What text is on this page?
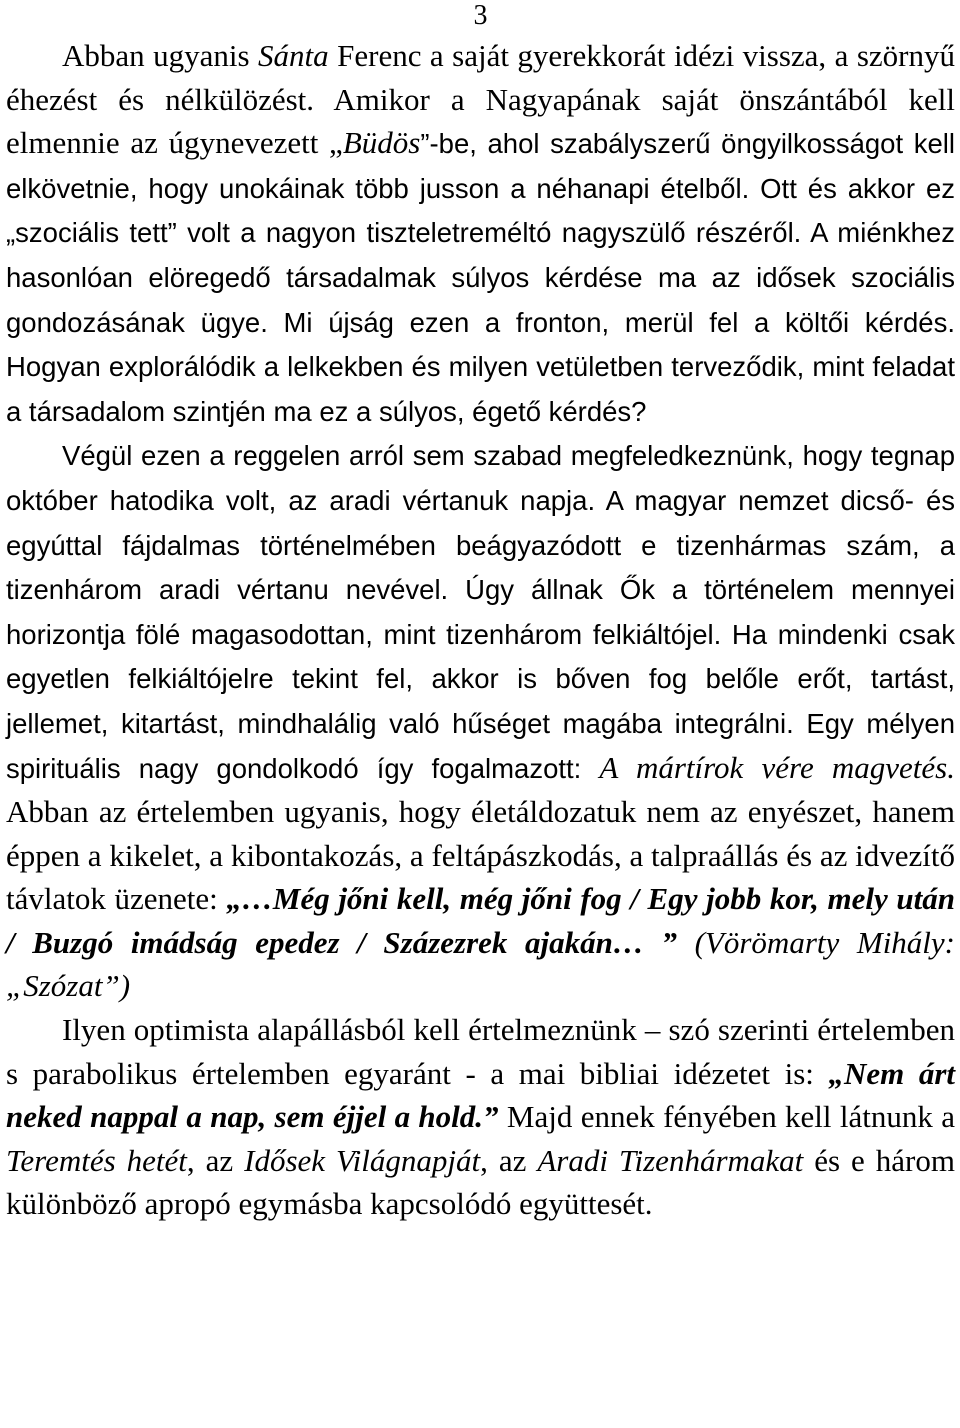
3

Abban ugyanis Sánta Ferenc a saját gyerekkorát idézi vissza, a szörnyű éhezést és nélkülözést. Amikor a Nagyapának saját önszántából kell elmennie az úgynevezett „Büdös”-be, ahol szabályszerű öngyilkosságot kell elkövetnie, hogy unokáinak több jusson a néhanapi ételből. Ott és akkor ez „szociális tett” volt a nagyon tiszteletreméltó nagyszülő részéről. A miénkhez hasonlóan elöregedő társadalmak súlyos kérdése ma az idősek szociális gondozásának ügye. Mi újság ezen a fronton, merül fel a költői kérdés. Hogyan explorálódik a lelkekben és milyen vetületben terveződik, mint feladat a társadalom szintjén ma ez a súlyos, égető kérdés?

Végül ezen a reggelen arról sem szabad megfeledkeznünk, hogy tegnap október hatodika volt, az aradi vértanuk napja. A magyar nemzet dicső- és egyúttal fájdalmas történelmében beágyazódott e tizenhármas szám, a tizenhárom aradi vértanu nevével. Úgy állnak Ők a történelem mennyei horizontja fölé magasodottan, mint tizenhárom felkiáltójel. Ha mindenki csak egyetlen felkiáltójelre tekint fel, akkor is bőven fog belőle erőt, tartást, jellemet, kitartást, mindhalálig való hűséget magába integrálni. Egy mélyen spirituális nagy gondolkodó így fogalmazott: A mártírok vére magvetés. Abban az értelemben ugyanis, hogy életáldozatuk nem az enyészet, hanem éppen a kikelet, a kibontakozás, a feltápászkodás, a talpraállás és az idvezítő távlatok üzenete: „…Még jőni kell, még jőni fog / Egy jobb kor, mely után / Buzgó imádság epedez / Százezrek ajakán… ” (Vörömarty Mihály: „Szózat”)

Ilyen optimista alapállásból kell értelmeznünk – szó szerinti értelemben s parabolikus értelemben egyaránt - a mai bibliai idézetet is: „Nem árt neked nappal a nap, sem éjjel a hold.” Majd ennek fényében kell látnunk a Teremtés hetét, az Idősek Világnapját, az Aradi Tizenhármakat és e három különböző apropó egymásba kapcsolódó együttesét.
